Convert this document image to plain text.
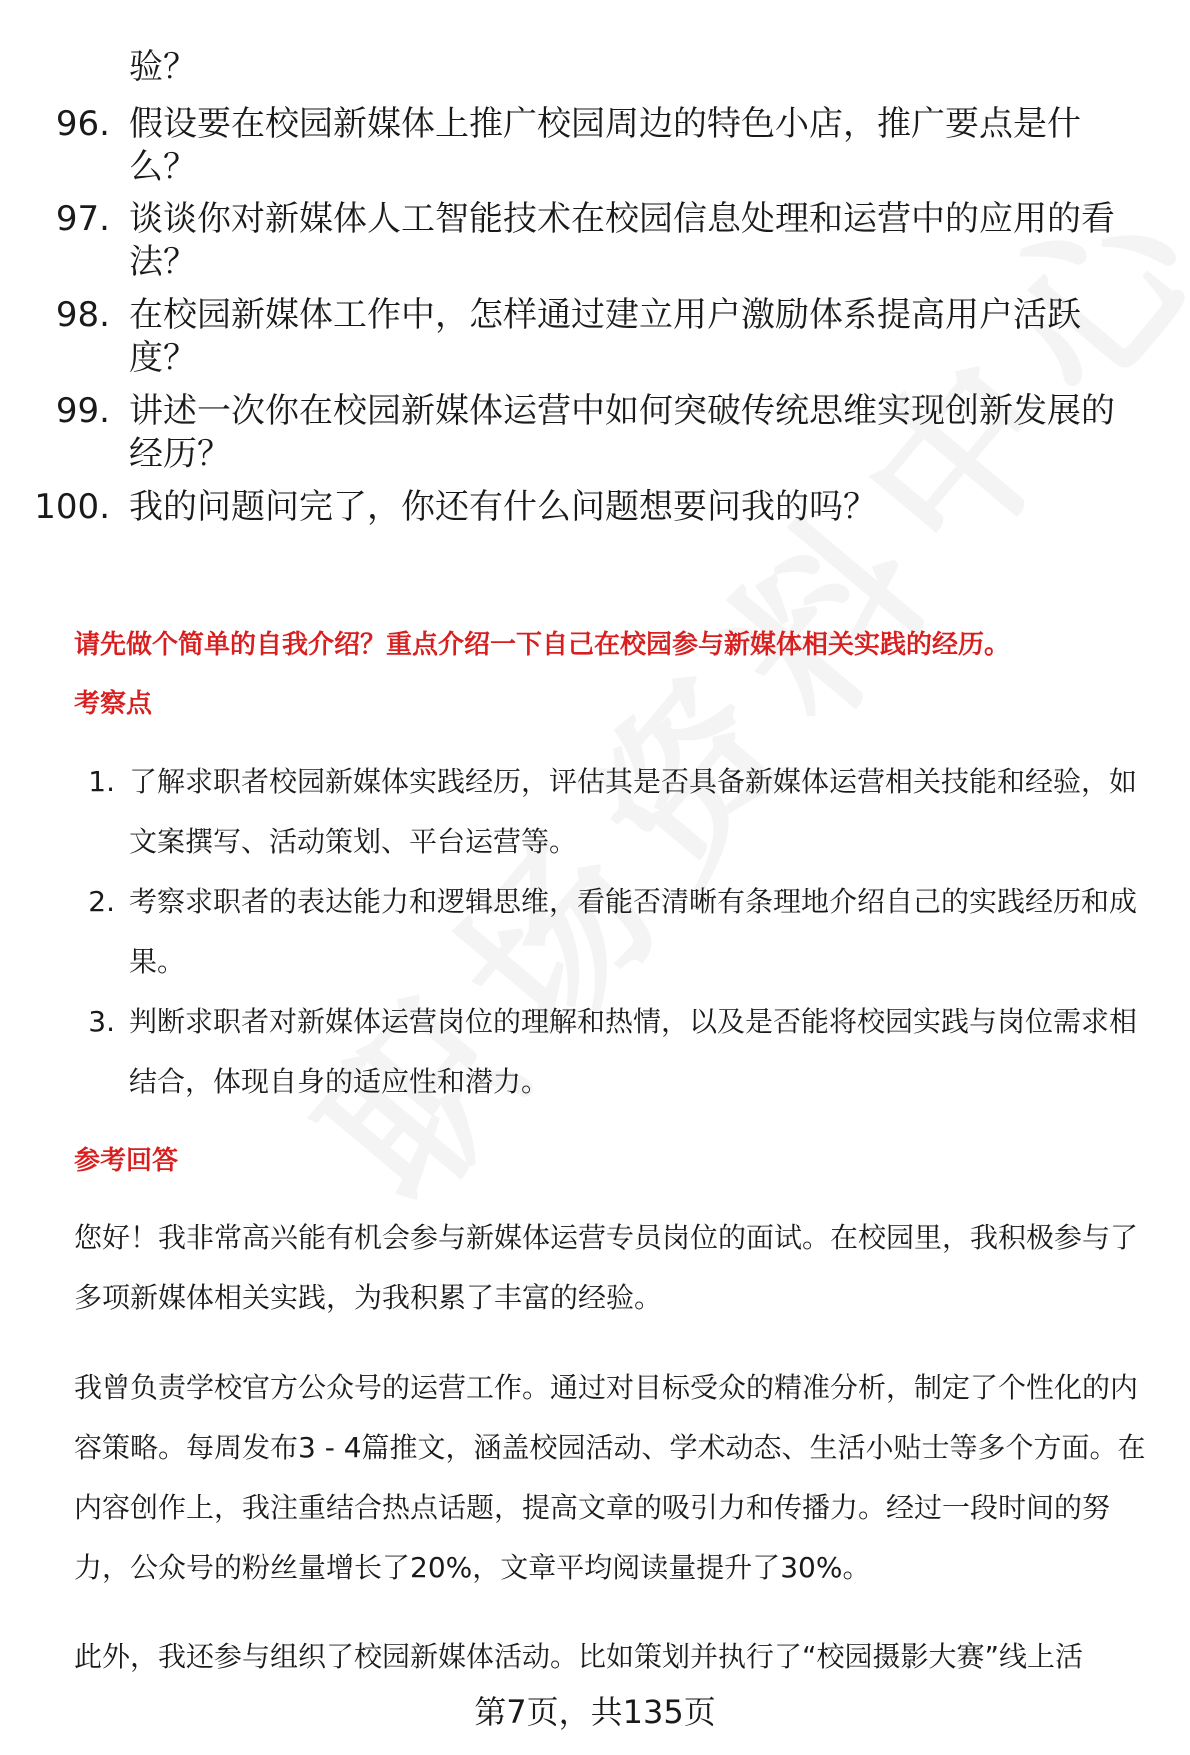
验？
96. 假设要在校园新媒体上推广校园周边的特色小店，推广要点是什么？
97. 谈谈你对新媒体人工智能技术在校园信息处理和运营中的应用的看法？
98. 在校园新媒体工作中，怎样通过建立用户激励体系提高用户活跃度？
99. 讲述一次你在校园新媒体运营中如何突破传统思维实现创新发展的经历？
100. 我的问题问完了，你还有什么问题想要问我的吗？
请先做个简单的自我介绍？重点介绍一下自己在校园参与新媒体相关实践的经历。
考察点
1. 了解求职者校园新媒体实践经历，评估其是否具备新媒体运营相关技能和经验，如文案撰写、活动策划、平台运营等。
2. 考察求职者的表达能力和逻辑思维，看能否清晰有条理地介绍自己的实践经历和成果。
3. 判断求职者对新媒体运营岗位的理解和热情，以及是否能将校园实践与岗位需求相结合，体现自身的适应性和潜力。
参考回答
您好！我非常高兴能有机会参与新媒体运营专员岗位的面试。在校园里，我积极参与了多项新媒体相关实践，为我积累了丰富的经验。
我曾负责学校官方公众号的运营工作。通过对目标受众的精准分析，制定了个性化的内容策略。每周发布3 - 4篇推文，涵盖校园活动、学术动态、生活小贴士等多个方面。在内容创作上，我注重结合热点话题，提高文章的吸引力和传播力。经过一段时间的努力，公众号的粉丝量增长了20%，文章平均阅读量提升了30%。
此外，我还参与组织了校园新媒体活动。比如策划并执行了“校园摄影大赛”线上活
第7页，共135页
